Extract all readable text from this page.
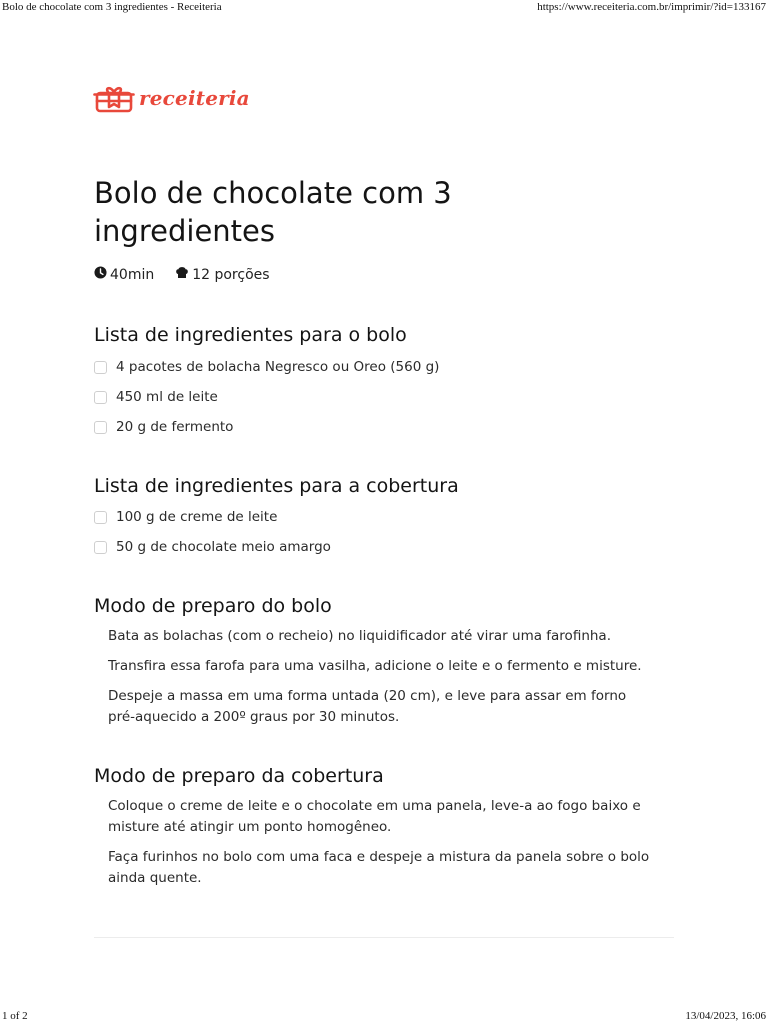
Bolo de chocolate com 3 ingredientes - Receiteria	https://www.receiteria.com.br/imprimir/?id=133167
receiteria
Bolo de chocolate com 3 ingredientes
40min	12 porções
Lista de ingredientes para o bolo
4 pacotes de bolacha Negresco ou Oreo (560 g)
450 ml de leite
20 g de fermento
Lista de ingredientes para a cobertura
100 g de creme de leite
50 g de chocolate meio amargo
Modo de preparo do bolo
Bata as bolachas (com o recheio) no liquidificador até virar uma farofinha.
Transfira essa farofa para uma vasilha, adicione o leite e o fermento e misture.
Despeje a massa em uma forma untada (20 cm), e leve para assar em forno pré-aquecido a 200º graus por 30 minutos.
Modo de preparo da cobertura
Coloque o creme de leite e o chocolate em uma panela, leve-a ao fogo baixo e misture até atingir um ponto homogêneo.
Faça furinhos no bolo com uma faca e despeje a mistura da panela sobre o bolo ainda quente.
1 of 2	13/04/2023, 16:06
